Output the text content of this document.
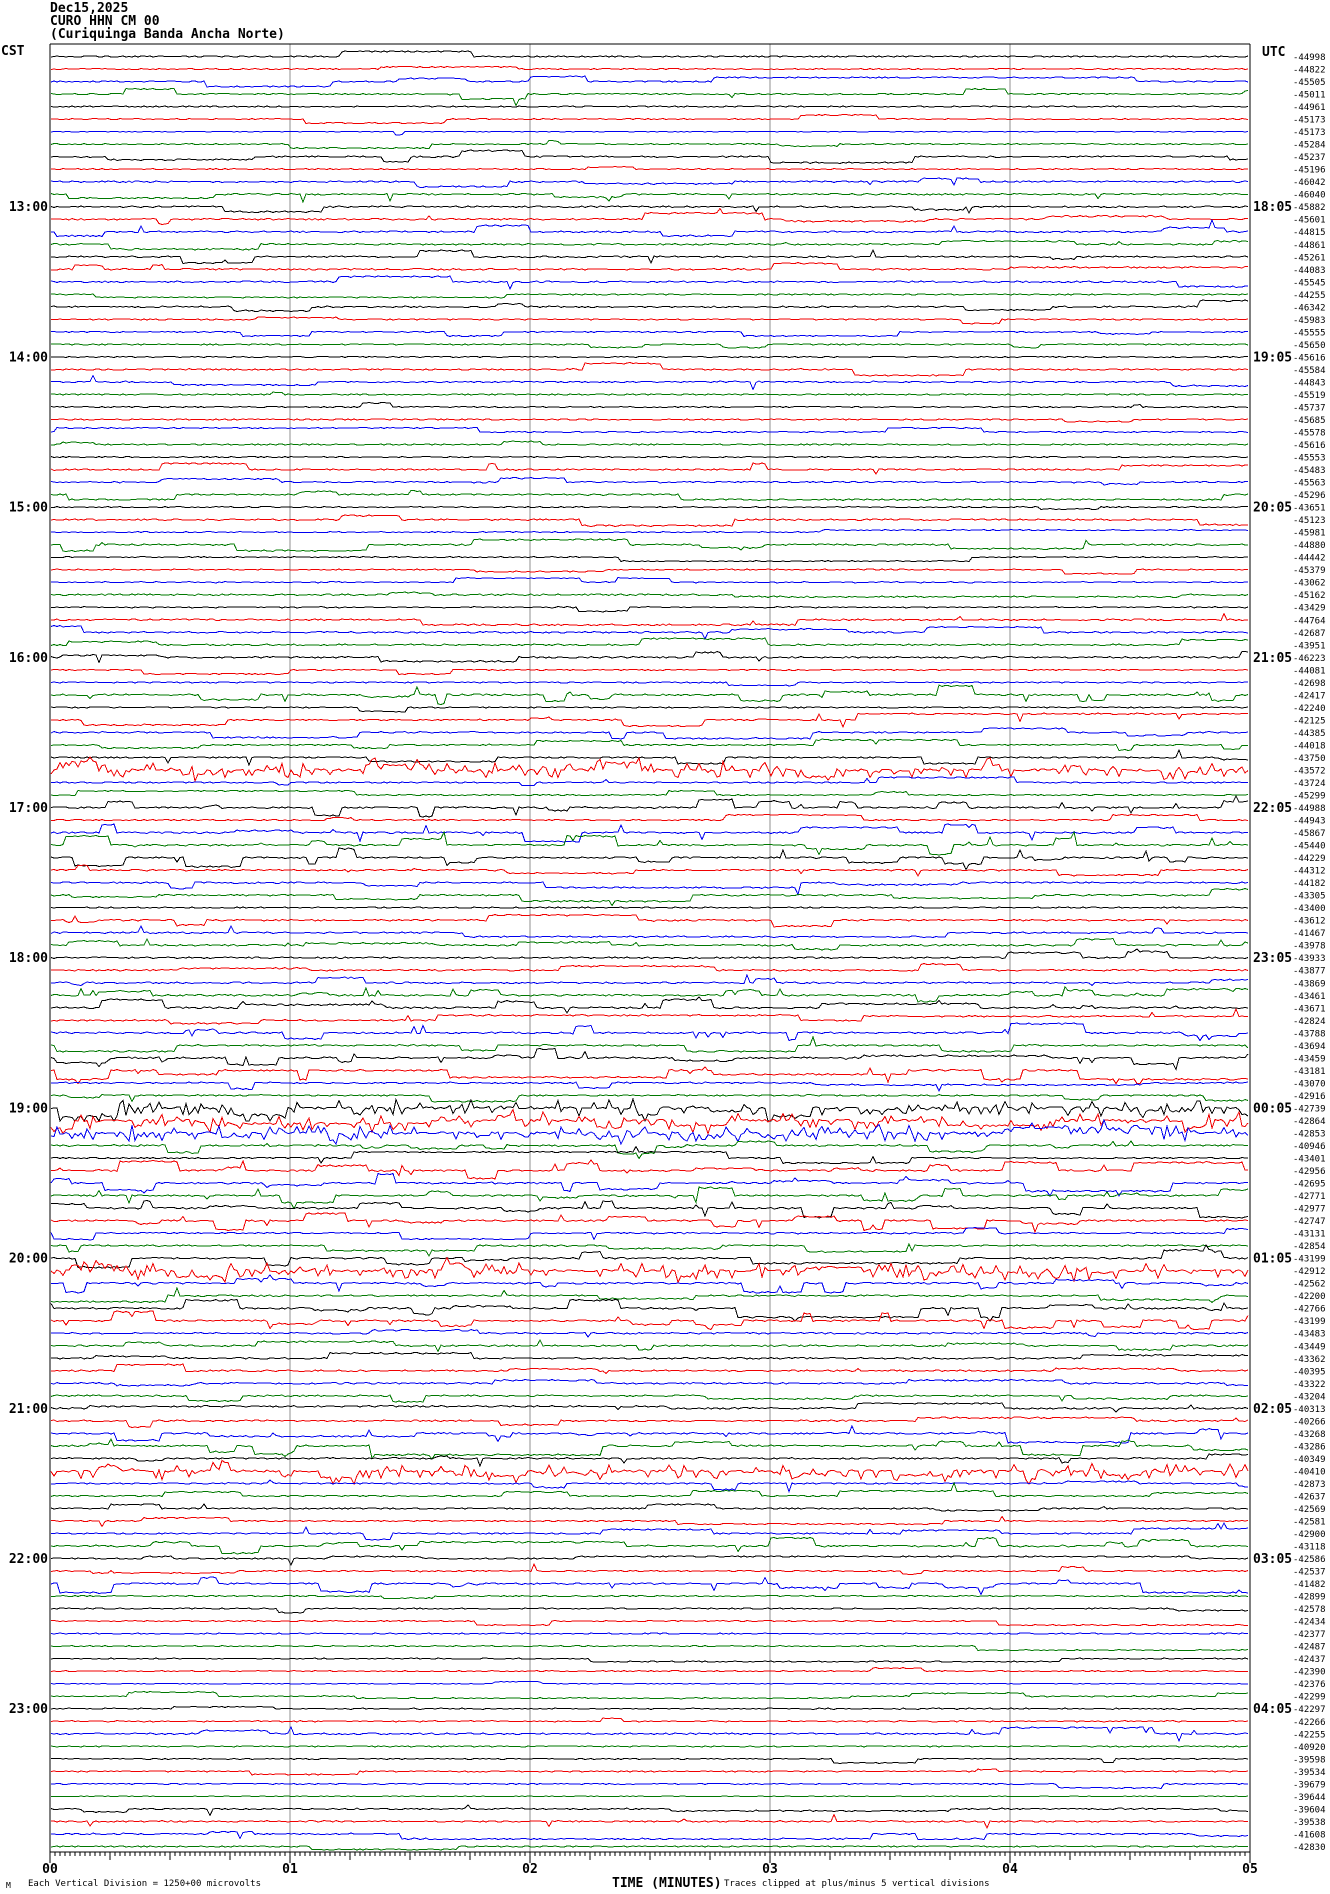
Dec15,2025
CURO HHN CM 00
(Curiquinga Banda Ancha Norte)
CST	UTC
00	01	02	03	04	05
-44998
-44822
-45505
-45011
-44961
-45173
-45173
-45284
-45237
-45196
-46042
-46040
-45882
-45601
-44815
-44861
-45261
-44083
-45545
-44255
-46342
-45983
-45555
-45650
-45616
-45584
-44843
-45519
-45737
-45685
-45578
-45616
-45553
-45483
-45563
-45296
-43651
-45123
-45981
-44880
-44442
-45379
-43062
-45162
-43429
-44764
-42687
-43951
-46223
-44081
-42698
-42417
-42240
-42125
-44385
-44018
-43750
-43572
-43724
-45299
-44988
-44943
-45867
-45440
-44229
-44312
-44182
-43305
-43400
-43612
-41467
-43978
-43933
-43877
-43869
-43461
-43671
-42824
-43788
-43694
-43459
-43181
-43070
-42916
-42739
-42864
-42853
-40946
-43401
-42956
-42695
-42771
-42977
-42747
-43131
-42854
-43199
-42912
-42562
-42200
-42766
-43199
-43483
-43449
-43362
-40395
-43322
-43204
-40313
-40266
-43268
-43286
-40349
-40410
-42873
-42637
-42569
-42581
-42900
-43118
-42586
-42537
-41482
-42899
-42578
-42434
-42377
-42487
-42437
-42390
-42376
-42299
-42297
-42266
-42255
-40920
-39598
-39534
-39679
-39644
-39604
-39538
-41608
-42830
13:00	18:05
14:00	19:05
15:00	20:05
16:00	21:05
17:00	22:05
18:00	23:05
19:00	00:05
20:00	01:05
21:00	02:05
22:00	03:05
23:00	04:05
M Each Vertical Division = 1250+00 microvolts	TIME (MINUTES) Traces clipped at plus/minus 5 vertical divisions
